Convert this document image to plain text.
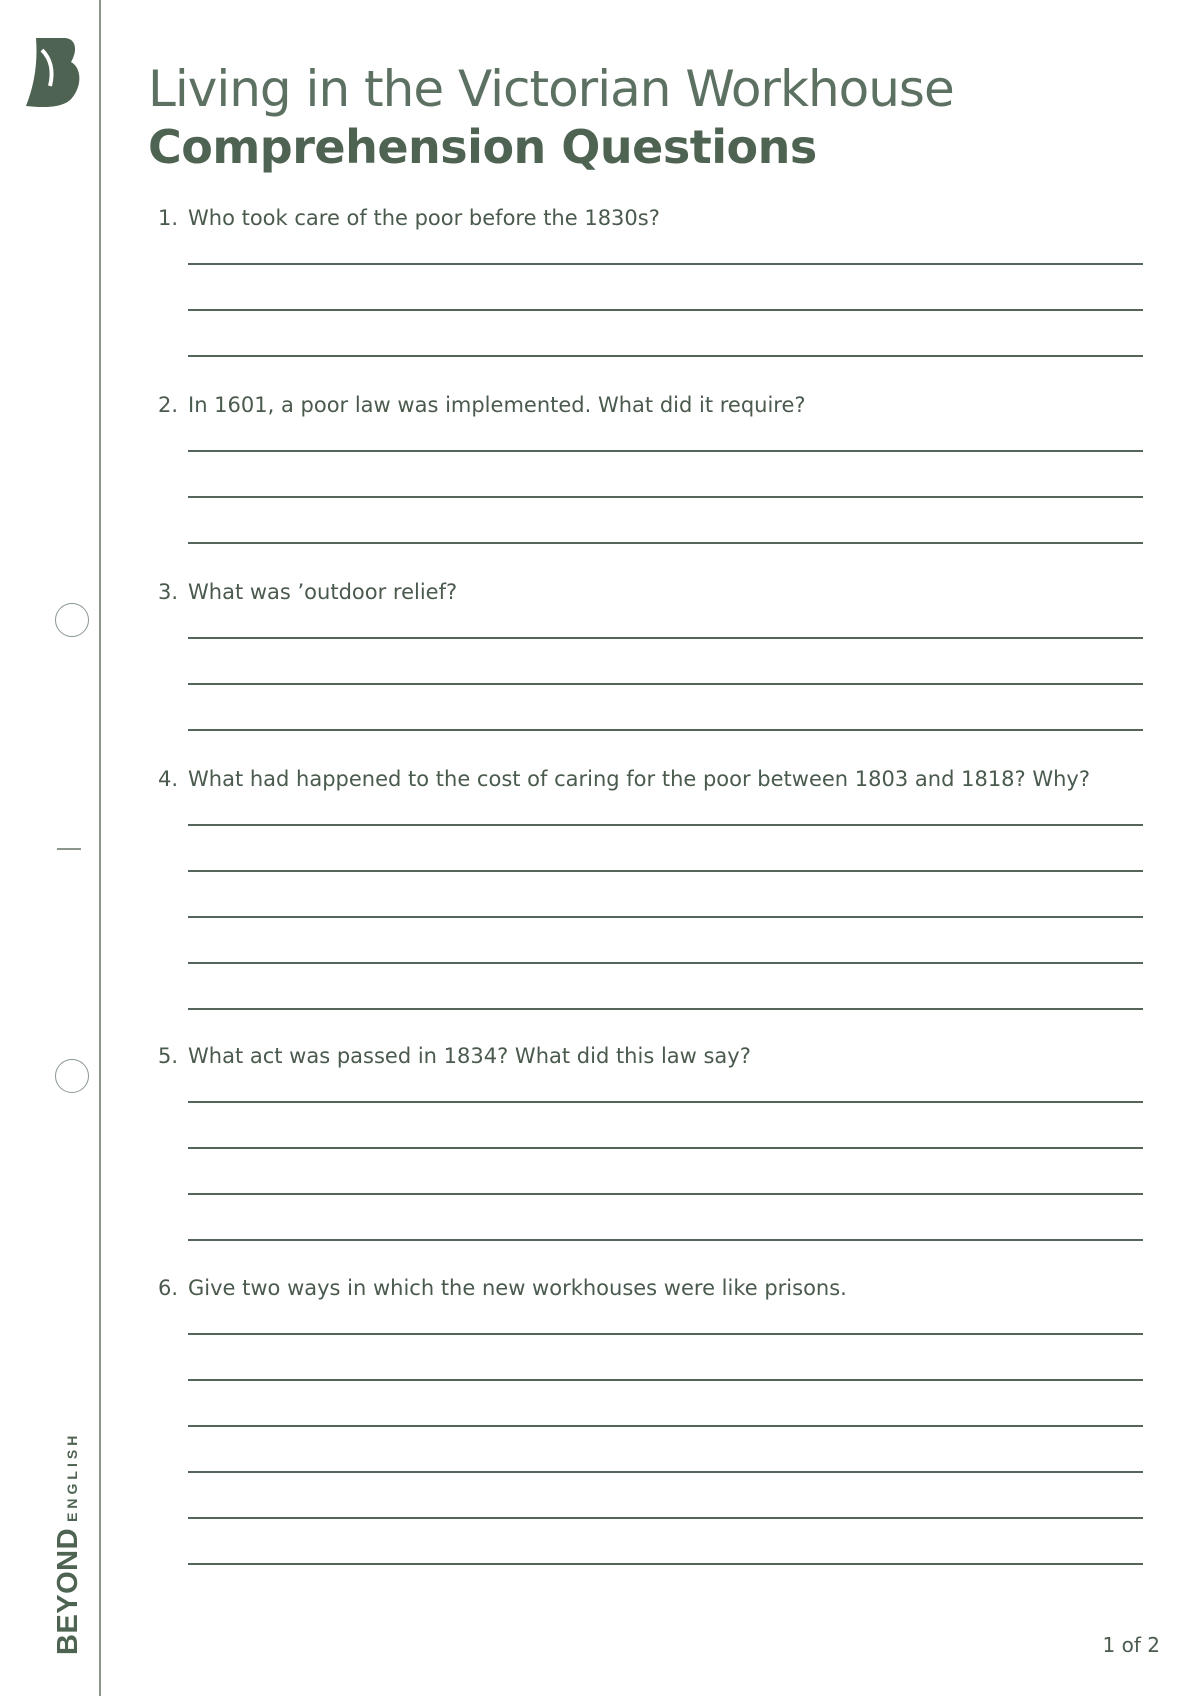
BEYONDENGLISH
Living in the Victorian Workhouse
Comprehension Questions
1. Who took care of the poor before the 1830s?
2. In 1601, a poor law was implemented. What did it require?
3. What was ’outdoor relief?
4. What had happened to the cost of caring for the poor between 1803 and 1818? Why?
5. What act was passed in 1834? What did this law say?
6. Give two ways in which the new workhouses were like prisons.
1 of 2
